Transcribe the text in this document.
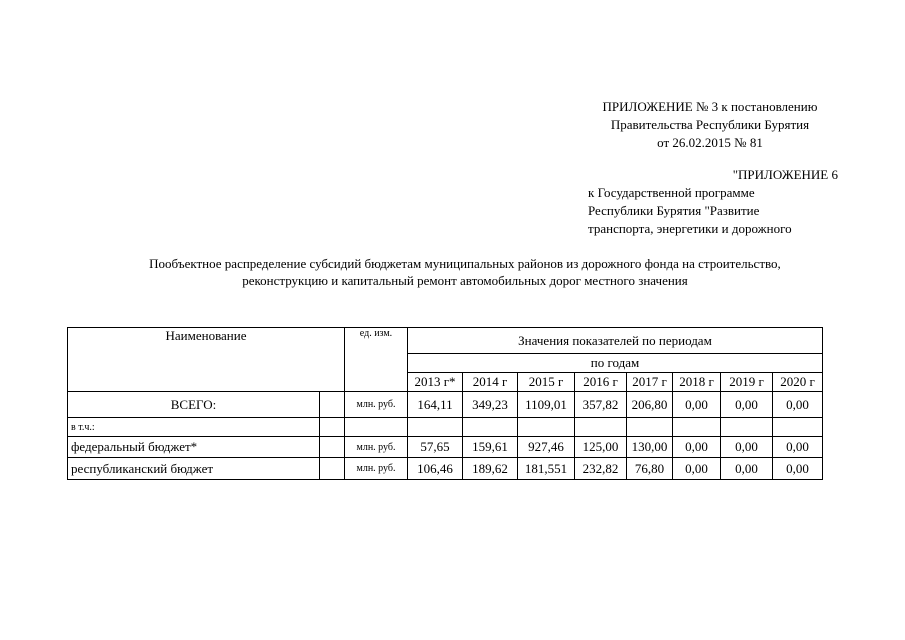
ПРИЛОЖЕНИЕ № 3 к постановлению
Правительства Республики Бурятия
от 26.02.2015 № 81
"ПРИЛОЖЕНИЕ 6
к Государственной программе
Республики Бурятия "Развитие
транспорта, энергетики и дорожного
Пообъектное распределение субсидий бюджетам муниципальных районов из дорожного фонда на строительство,
реконструкцию и капитальный ремонт автомобильных дорог местного значения
Наименование		ед. изм.	Значения показателей по периодам							
			по годам							
			2013 г*	2014 г	2015 г	2016 г	2017 г	2018 г	2019 г	2020 г
ВСЕГО:		млн. руб.	164,11	349,23	1109,01	357,82	206,80	0,00	0,00	0,00
в т.ч.:										
федеральный бюджет*		млн. руб.	57,65	159,61	927,46	125,00	130,00	0,00	0,00	0,00
республиканский бюджет		млн. руб.	106,46	189,62	181,551	232,82	76,80	0,00	0,00	0,00
